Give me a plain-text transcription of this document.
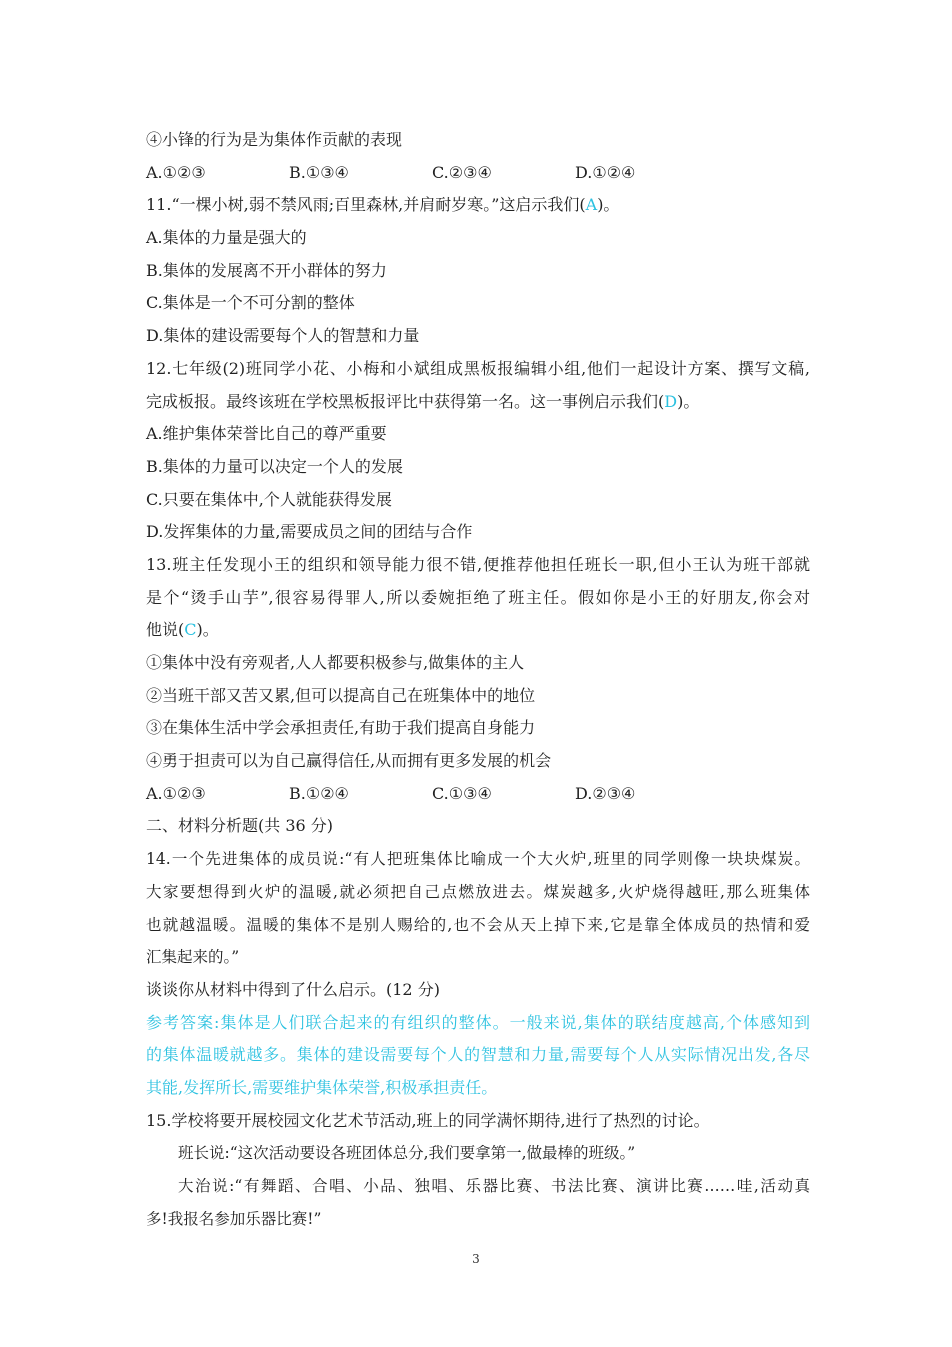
④小锋的行为是为集体作贡献的表现
A.①②③	B.①③④	C.②③④	D.①②④
11.“一棵小树,弱不禁风雨;百里森林,并肩耐岁寒。”这启示我们(A)。
A.集体的力量是强大的
B.集体的发展离不开小群体的努力
C.集体是一个不可分割的整体
D.集体的建设需要每个人的智慧和力量
12.七年级(2)班同学小花、小梅和小斌组成黑板报编辑小组,他们一起设计方案、撰写文稿,
完成板报。最终该班在学校黑板报评比中获得第一名。这一事例启示我们(D)。
A.维护集体荣誉比自己的尊严重要
B.集体的力量可以决定一个人的发展
C.只要在集体中,个人就能获得发展
D.发挥集体的力量,需要成员之间的团结与合作
13.班主任发现小王的组织和领导能力很不错,便推荐他担任班长一职,但小王认为班干部就
是个“烫手山芋”,很容易得罪人,所以委婉拒绝了班主任。假如你是小王的好朋友,你会对
他说(C)。
①集体中没有旁观者,人人都要积极参与,做集体的主人
②当班干部又苦又累,但可以提高自己在班集体中的地位
③在集体生活中学会承担责任,有助于我们提高自身能力
④勇于担责可以为自己赢得信任,从而拥有更多发展的机会
A.①②③	B.①②④	C.①③④	D.②③④
二、材料分析题(共 36 分)
14.一个先进集体的成员说:“有人把班集体比喻成一个大火炉,班里的同学则像一块块煤炭。
大家要想得到火炉的温暖,就必须把自己点燃放进去。煤炭越多,火炉烧得越旺,那么班集体
也就越温暖。温暖的集体不是别人赐给的,也不会从天上掉下来,它是靠全体成员的热情和爱
汇集起来的。”
谈谈你从材料中得到了什么启示。(12 分)
参考答案:集体是人们联合起来的有组织的整体。一般来说,集体的联结度越高,个体感知到
的集体温暖就越多。集体的建设需要每个人的智慧和力量,需要每个人从实际情况出发,各尽
其能,发挥所长,需要维护集体荣誉,积极承担责任。
15.学校将要开展校园文化艺术节活动,班上的同学满怀期待,进行了热烈的讨论。
班长说:“这次活动要设各班团体总分,我们要拿第一,做最棒的班级。”
大治说:“有舞蹈、合唱、小品、独唱、乐器比赛、书法比赛、演讲比赛……哇,活动真
多!我报名参加乐器比赛!”
3
